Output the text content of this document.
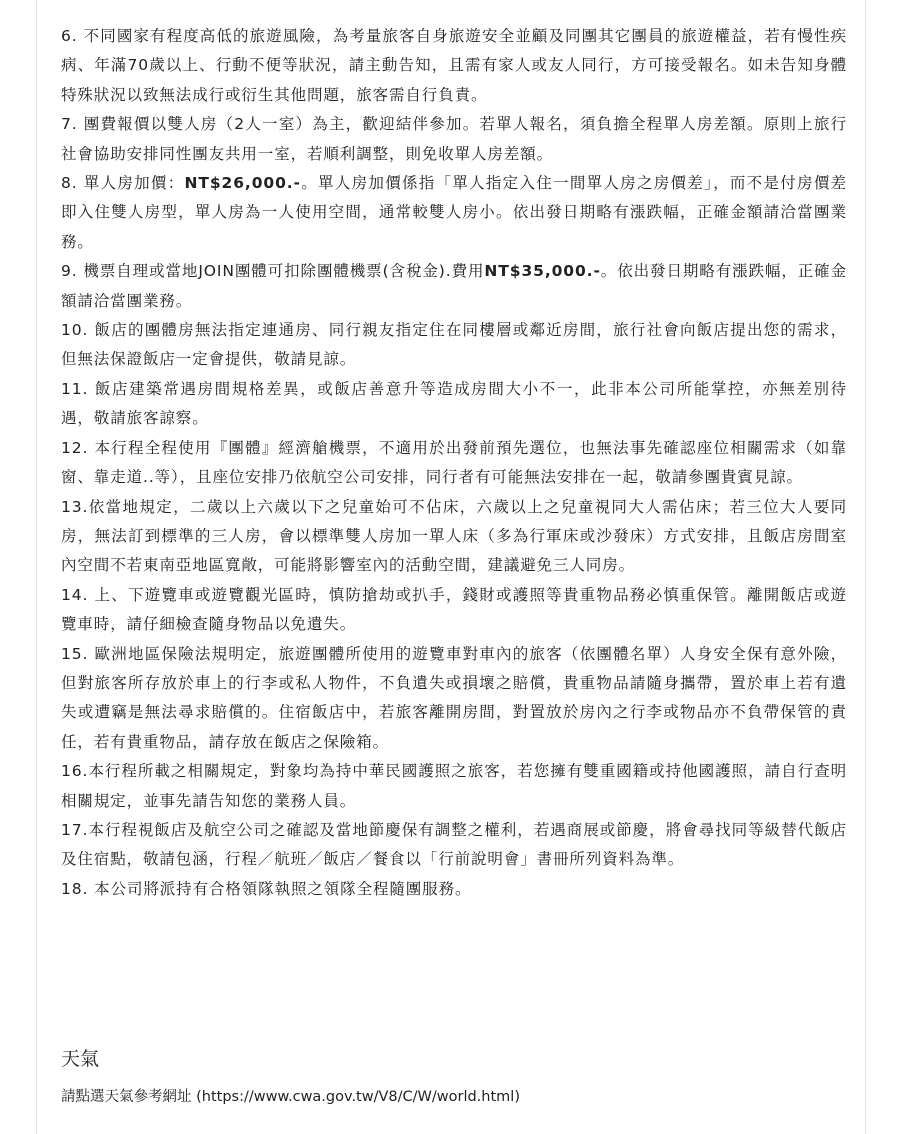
6. 不同國家有程度高低的旅遊風險，為考量旅客自身旅遊安全並顧及同團其它團員的旅遊權益，若有慢性疾病、年滿70歲以上、行動不便等狀況，請主動告知，且需有家人或友人同行，方可接受報名。如未告知身體特殊狀況以致無法成行或衍生其他問題，旅客需自行負責。
7. 團費報價以雙人房（2人一室）為主，歡迎結伴參加。若單人報名，須負擔全程單人房差額。原則上旅行社會協助安排同性團友共用一室，若順利調整，則免收單人房差額。
8. 單人房加價：NT$26,000.-。單人房加價係指「單人指定入住一間單人房之房價差」，而不是付房價差即入住雙人房型，單人房為一人使用空間，通常較雙人房小。依出發日期略有漲跌幅，正確金額請洽當團業務。
9. 機票自理或當地JOIN團體可扣除團體機票(含稅金).費用NT$35,000.-。依出發日期略有漲跌幅，正確金額請洽當團業務。
10. 飯店的團體房無法指定連通房、同行親友指定住在同樓層或鄰近房間，旅行社會向飯店提出您的需求，但無法保證飯店一定會提供，敬請見諒。
11. 飯店建築常遇房間規格差異，或飯店善意升等造成房間大小不一，此非本公司所能掌控，亦無差別待遇，敬請旅客諒察。
12. 本行程全程使用『團體』經濟艙機票，不適用於出發前預先選位，也無法事先確認座位相關需求（如靠窗、靠走道..等），且座位安排乃依航空公司安排，同行者有可能無法安排在一起，敬請參團貴賓見諒。
13.依當地規定，二歲以上六歲以下之兒童始可不佔床，六歲以上之兒童視同大人需佔床；若三位大人要同房，無法訂到標準的三人房，會以標準雙人房加一單人床（多為行軍床或沙發床）方式安排，且飯店房間室內空間不若東南亞地區寬敞，可能將影響室內的活動空間，建議避免三人同房。
14. 上、下遊覽車或遊覽觀光區時，慎防搶劫或扒手，錢財或護照等貴重物品務必慎重保管。離開飯店或遊覽車時，請仔細檢查隨身物品以免遺失。
15. 歐洲地區保險法規明定，旅遊團體所使用的遊覽車對車內的旅客（依團體名單）人身安全保有意外險，但對旅客所存放於車上的行李或私人物件，不負遺失或損壞之賠償，貴重物品請隨身攜帶，置於車上若有遺失或遭竊是無法尋求賠償的。住宿飯店中，若旅客離開房間，對置放於房內之行李或物品亦不負帶保管的責任，若有貴重物品，請存放在飯店之保險箱。
16.本行程所載之相關規定，對象均為持中華民國護照之旅客，若您擁有雙重國籍或持他國護照，請自行查明相關規定，並事先請告知您的業務人員。
17.本行程視飯店及航空公司之確認及當地節慶保有調整之權利，若遇商展或節慶，將會尋找同等級替代飯店及住宿點，敬請包涵，行程／航班／飯店／餐食以「行前說明會」書冊所列資料為準。
18. 本公司將派持有合格領隊執照之領隊全程隨團服務。
天氣
請點選天氣參考網址 (https://www.cwa.gov.tw/V8/C/W/world.html)
